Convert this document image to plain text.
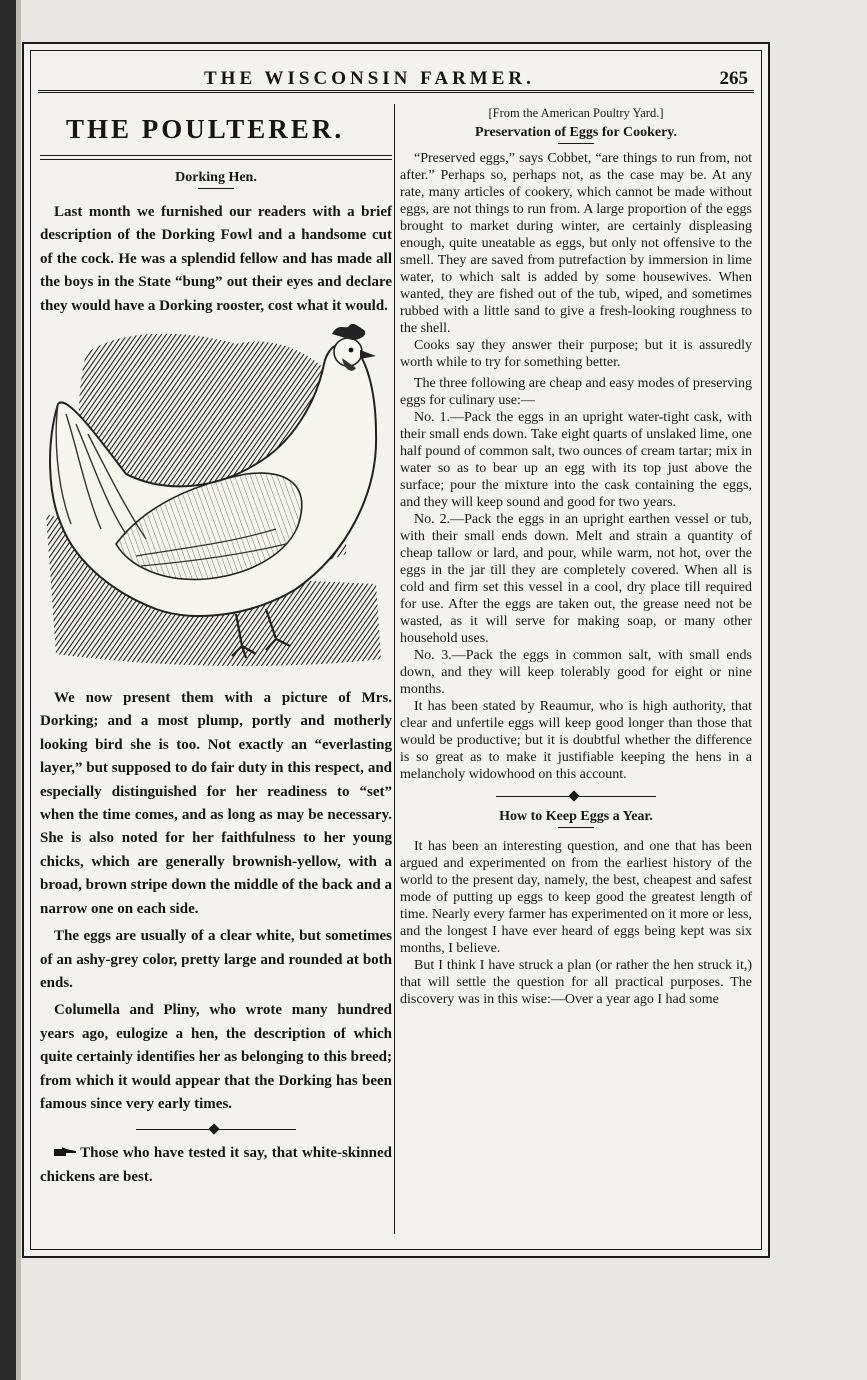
THE WISCONSIN FARMER.	265
THE POULTERER.
Dorking Hen.

Last month we furnished our readers with a brief description of the Dorking Fowl and a handsome cut of the cock. He was a splendid fellow and has made all the boys in the State “bung” out their eyes and declare they would have a Dorking rooster, cost what it would.

We now present them with a picture of Mrs. Dorking; and a most plump, portly and motherly looking bird she is too. Not exactly an “everlasting layer,” but supposed to do fair duty in this respect, and especially distinguished for her readiness to “set” when the time comes, and as long as may be necessary. She is also noted for her faithfulness to her young chicks, which are generally brownish-yellow, with a broad, brown stripe down the middle of the back and a narrow one on each side.

The eggs are usually of a clear white, but sometimes of an ashy-grey color, pretty large and rounded at both ends.

Columella and Pliny, who wrote many hundred years ago, eulogize a hen, the description of which quite certainly identifies her as belonging to this breed; from which it would appear that the Dorking has been famous since very early times.

Those who have tested it say, that white-skinned chickens are best.

[From the American Poultry Yard.]
Preservation of Eggs for Cookery.

“Preserved eggs,” says Cobbet, “are things to run from, not after.” Perhaps so, perhaps not, as the case may be. At any rate, many articles of cookery, which cannot be made without eggs, are not things to run from. A large proportion of the eggs brought to market during winter, are certainly displeasing enough, quite uneatable as eggs, but only not offensive to the smell. They are saved from putrefaction by immersion in lime water, to which salt is added by some housewives. When wanted, they are fished out of the tub, wiped, and sometimes rubbed with a little sand to give a fresh-looking roughness to the shell.

Cooks say they answer their purpose; but it is assuredly worth while to try for something better.

The three following are cheap and easy modes of preserving eggs for culinary use:—

No. 1.—Pack the eggs in an upright water-tight cask, with their small ends down. Take eight quarts of unslaked lime, one half pound of common salt, two ounces of cream tartar; mix in water so as to bear up an egg with its top just above the surface; pour the mixture into the cask containing the eggs, and they will keep sound and good for two years.

No. 2.—Pack the eggs in an upright earthen vessel or tub, with their small ends down. Melt and strain a quantity of cheap tallow or lard, and pour, while warm, not hot, over the eggs in the jar till they are completely covered. When all is cold and firm set this vessel in a cool, dry place till required for use. After the eggs are taken out, the grease need not be wasted, as it will serve for making soap, or many other household uses.

No. 3.—Pack the eggs in common salt, with small ends down, and they will keep tolerably good for eight or nine months.

It has been stated by Reaumur, who is high authority, that clear and unfertile eggs will keep good longer than those that would be productive; but it is doubtful whether the difference is so great as to make it justifiable keeping the hens in a melancholy widowhood on this account.

How to Keep Eggs a Year.

It has been an interesting question, and one that has been argued and experimented on from the earliest history of the world to the present day, namely, the best, cheapest and safest mode of putting up eggs to keep good the greatest length of time. Nearly every farmer has experimented on it more or less, and the longest I have ever heard of eggs being kept was six months, I believe.

But I think I have struck a plan (or rather the hen struck it,) that will settle the question for all practical purposes. The discovery was in this wise:—Over a year ago I had some
